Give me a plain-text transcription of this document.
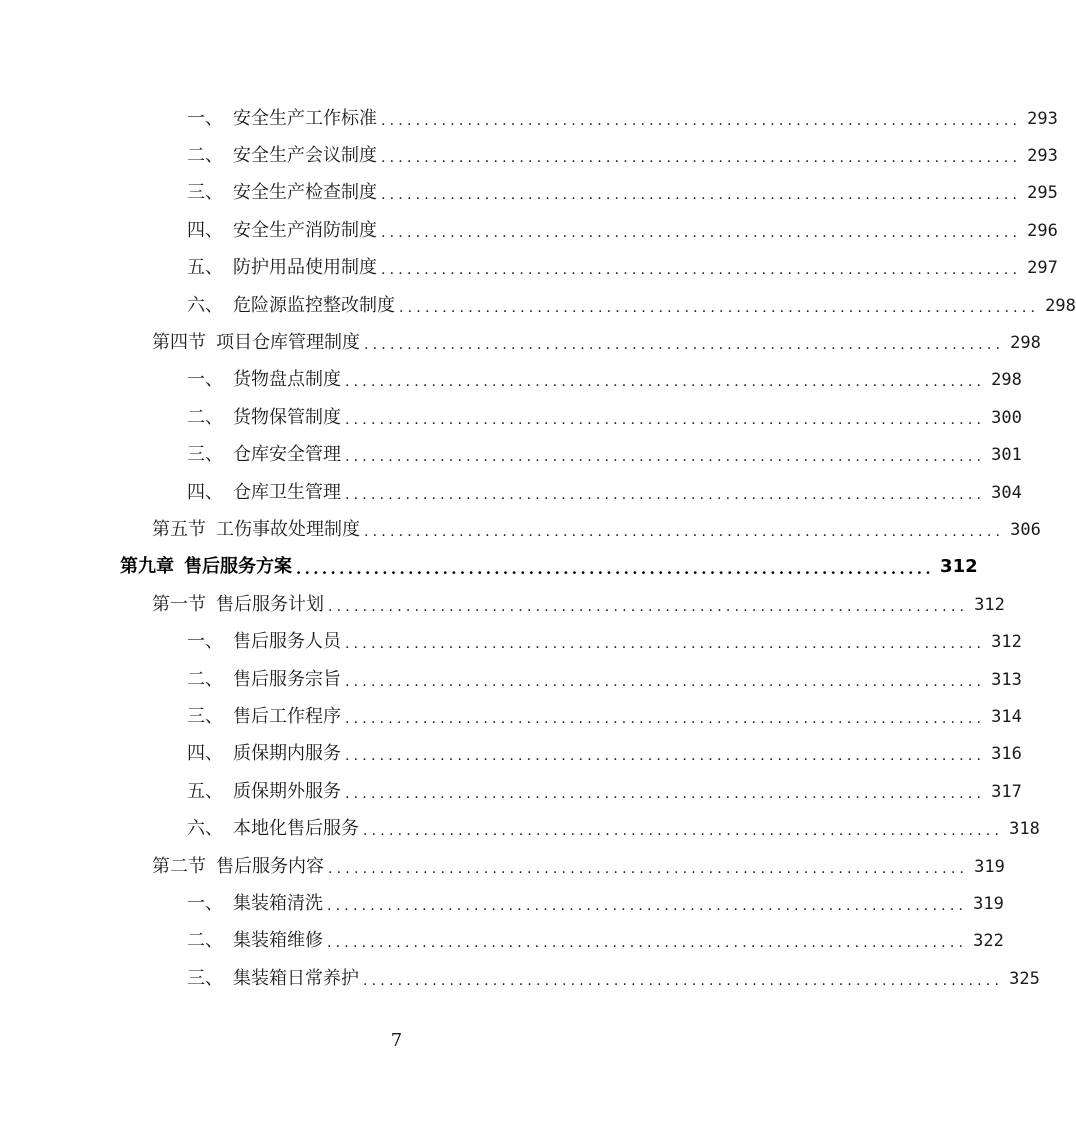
一、 安全生产工作标准 .......................................................................... 293
二、 安全生产会议制度 .......................................................................... 293
三、 安全生产检查制度 .......................................................................... 295
四、 安全生产消防制度 .......................................................................... 296
五、 防护用品使用制度 .......................................................................... 297
六、 危险源监控整改制度 .......................................................................... 298
第四节 项目仓库管理制度 .......................................................................... 298
一、 货物盘点制度 .......................................................................... 298
二、 货物保管制度 .......................................................................... 300
三、 仓库安全管理 .......................................................................... 301
四、 仓库卫生管理 .......................................................................... 304
第五节 工伤事故处理制度 .......................................................................... 306
第九章 售后服务方案 .......................................................................... 312
第一节 售后服务计划 .......................................................................... 312
一、 售后服务人员 .......................................................................... 312
二、 售后服务宗旨 .......................................................................... 313
三、 售后工作程序 .......................................................................... 314
四、 质保期内服务 .......................................................................... 316
五、 质保期外服务 .......................................................................... 317
六、 本地化售后服务 .......................................................................... 318
第二节 售后服务内容 .......................................................................... 319
一、 集装箱清洗 .......................................................................... 319
二、 集装箱维修 .......................................................................... 322
三、 集装箱日常养护 .......................................................................... 325
7
